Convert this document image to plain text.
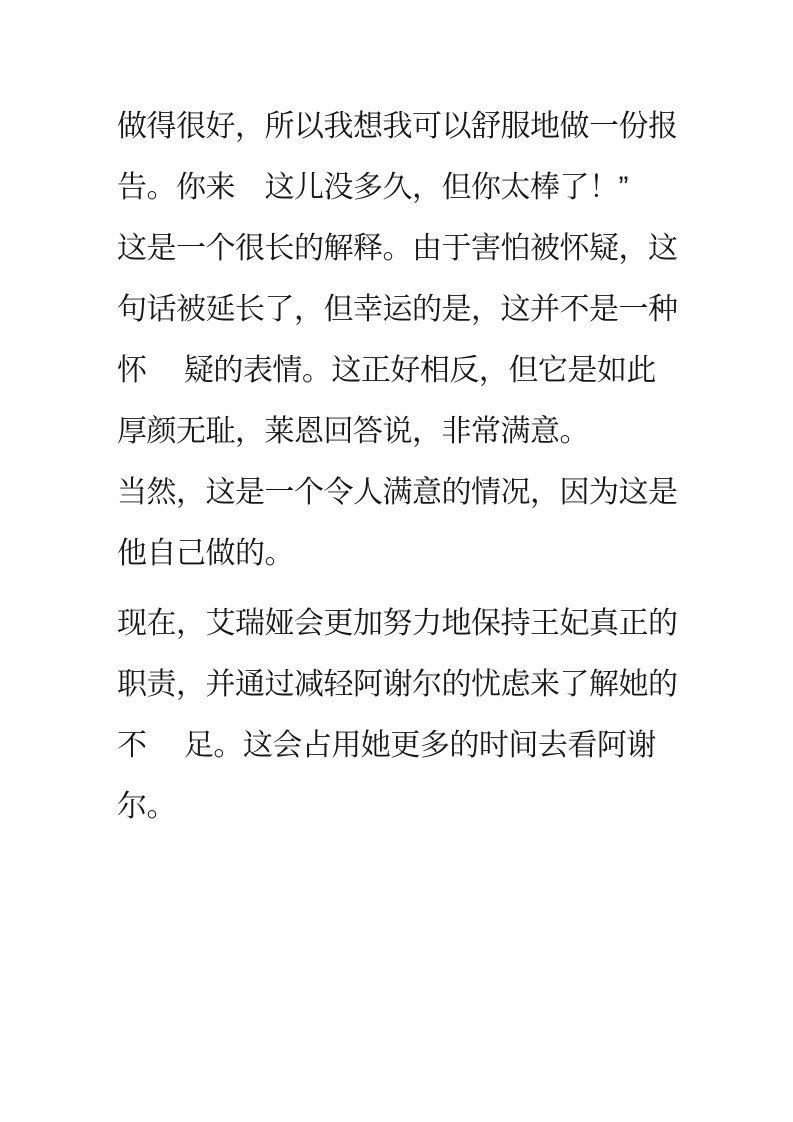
做得很好，所以我想我可以舒服地做一份报
告。你来　这儿没多久，但你太棒了！”
这是一个很长的解释。由于害怕被怀疑，这
句话被延长了，但幸运的是，这并不是一种
怀　 疑的表情。这正好相反，但它是如此
厚颜无耻，莱恩回答说，非常满意。
当然，这是一个令人满意的情况，因为这是
他自己做的。
现在，艾瑞娅会更加努力地保持王妃真正的
职责，并通过减轻阿谢尔的忧虑来了解她的
不　 足。这会占用她更多的时间去看阿谢
尔。
